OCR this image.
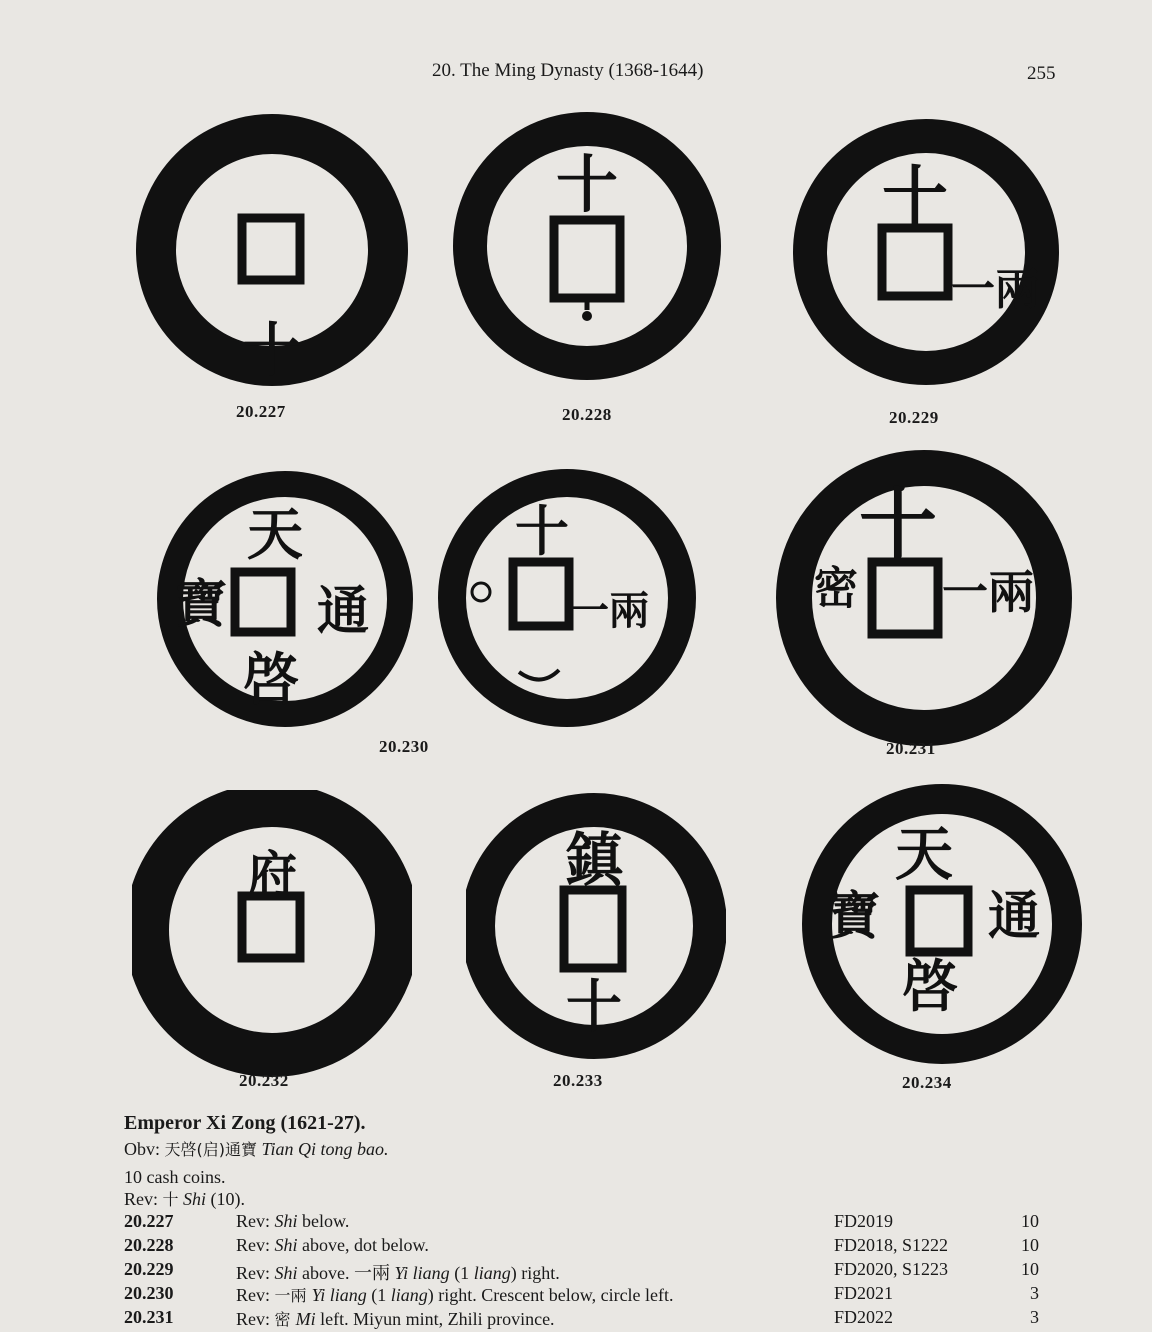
20. The Ming Dynasty (1368-1644)	255
十
十	十
一兩
天
寶 通
啓
十
一兩
十
密 一兩
府	鎮
十
天
寶 通
啓
20.227	20.228	20.229
20.230	20.231
20.232	20.233	20.234
Emperor Xi Zong (1621-27).
Obv: 天啓(启)通寶 Tian Qi tong bao.
10 cash coins.
Rev: 十 Shi (10).
20.227	Rev: Shi below.	FD2019	10
20.228	Rev: Shi above, dot below.	FD2018, S1222	10
20.229	Rev: Shi above. 一兩 Yi liang (1 liang) right.	FD2020, S1223	10
20.230	Rev: 一兩 Yi liang (1 liang) right. Crescent below, circle left.	FD2021	3
20.231	Rev: 密 Mi left. Miyun mint, Zhili province.	FD2022	3
